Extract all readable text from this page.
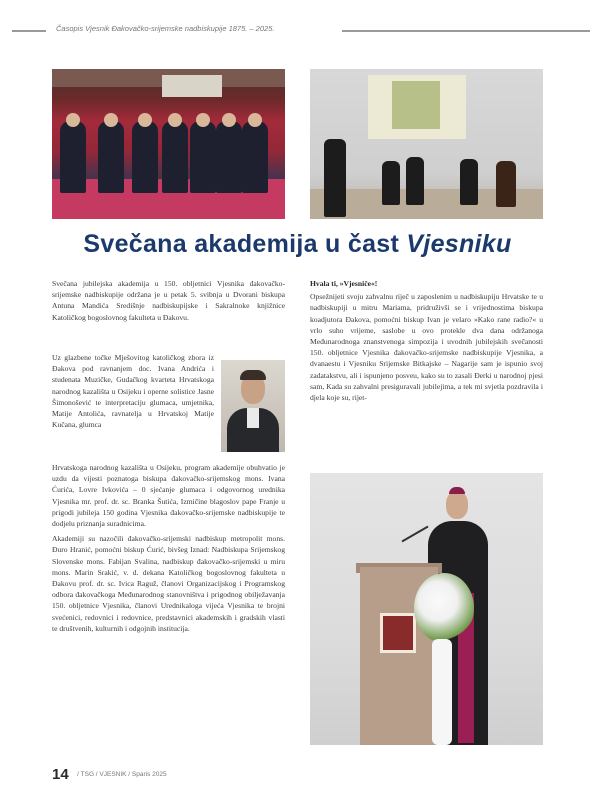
Časopis Vjesnik Đakovačko-srijemske nadbiskupije 1875. – 2025.
Svečana akademija u čast Vjesniku

Svečana jubilejska akademija u 150. obljetnici Vjesnika đakovačko-srijemske nadbiskupije održana je u petak 5. svibnja u Dvorani biskupa Antuna Mandića Središnje nadbiskupijske i Sakralnoke knjižnice Katoličkog bogoslovnog fakulteta u Đakovu.

Uz glazbene točke Mješovitog katoličkog zbora iz Đakova pod ravnanjem doc. Ivana Andrića i studenata Muzičke, Gudačkog kvarteta Hrvatskoga narodnog kazališta u Osijeku i operne solistice Jasne Šimonošević te interpretaciju glumaca, umjetnika, Matije Antolića, ravnatelja u Hrvatskoj Matije Kučana, glumca

Hrvatskoga narodnog kazališta u Osijeku, program akademije obuhvatio je uzdu da vijesti poznatoga biskupa đakovačko-srijemskog mons. Ivana Ćurića, Lovre Ivkovića – 0 sjećanje glumaca i odgovornog urednika Vjesnika mr. prof. dr. sc. Branka Šutića, Izmičine blagoslov pape Franje u prigodi jubileja 150 godina Vjesnika đakovačko-srijemske nadbiskupije te dodjelu priznanja suradnicima.

Akademiji su nazočili đakovačko-srijemski nadbiskup metropolit mons. Đuro Hranić, pomoćni biskup Ćurić, bivšeg Iznad: Nadbiskupa Srijemskog Slovenske mons. Fabijan Svalina, nadbiskup đakovačko-srijemski u miru mons. Marin Srakić, v. d. dekana Katoličkog bogoslovnog fakulteta u Đakovu prof. dr. sc. Ivica Raguž, članovi Organizacijskog i Programskog odbora đakovačkoga Međunarodnog stanovništva i prigodnog obilježavanja 150. obljetnice Vjesnika, članovi Urednikaloga vijeća Vjesnika te brojni svećenici, redovnici i redovnice, predstavnici akademskih i gradskih vlasti te društvenih, kulturnih i odgojnih institucija.

Hvala ti, »Vjesniče«!

Opsežnijeti svoju zahvalnu riječ u zaposlenim u nadbiskupiju Hrvatske te u nadbiskupiji u mitru Mariama, pridruživši se i vrijednostima biskupa koadjutora Đakova, pomoćni biskup Ivan je velaro »Kako rane radio?« u vrlo suho vrijeme, saslobe u ovo protekle dva dana održanoga Međunarodnoga znanstvenoga simpozija i uvodnih jubilejskih svečanosti 150. obljetnice Vjesnika đakovačko-srijemske nadbiskupije Vjesnika, a dvanaestu i Vjesniku Srijemske Bitkajske – Nagarije sam je ispunio svoj zadatakstvu, ali i ispunjeno posveu, kako su to zasali Đerki u narodnoj pjesi sam, Kada su zahvalni presiguravali jubilejima, a tek mi svjetla pozdravila i djela koje su, rijet-

14 / TSG / VJESNIK / Sparis 2025
